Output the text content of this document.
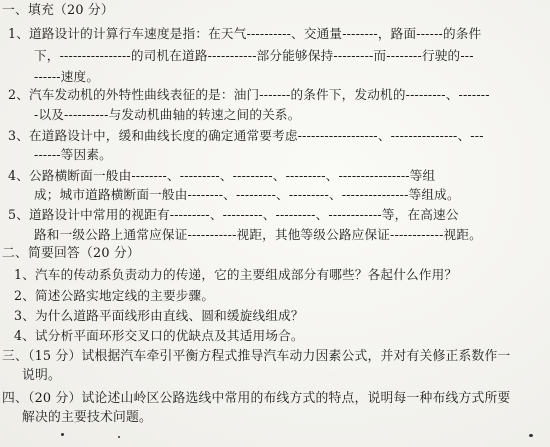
一、填充（20 分）
1、道路设计的计算行车速度是指：在天气----------、交通量--------，路面------的条件
下，----------------的司机在道路-----------部分能够保持---------而--------行驶的---
------速度。
2、汽车发动机的外特性曲线表征的是：油门-------的条件下，发动机的---------、-------
-以及----------与发动机曲轴的转速之间的关系。
3、在道路设计中，缓和曲线长度的确定通常要考虑------------------、---------------、---
------等因素。
4、公路横断面一般由--------、---------、---------、---------、----------------等组
成；城市道路横断面一般由--------、---------、---------、---------------等组成。
5、道路设计中常用的视距有---------、---------、---------、------------等，在高速公
路和一级公路上通常应保证-----------视距，其他等级公路应保证------------视距。
二、简要回答（20 分）
1、汽车的传动系负责动力的传递，它的主要组成部分有哪些？各起什么作用？
2、简述公路实地定线的主要步骤。
3、为什么道路平面线形由直线、圆和缓旋线组成？
4、试分析平面环形交叉口的优缺点及其适用场合。
三、（15 分）试根据汽车牵引平衡方程式推导汽车动力因素公式，并对有关修正系数作一
说明。
四、（20 分）试论述山岭区公路选线中常用的布线方式的特点，说明每一种布线方式所要
解决的主要技术问题。
